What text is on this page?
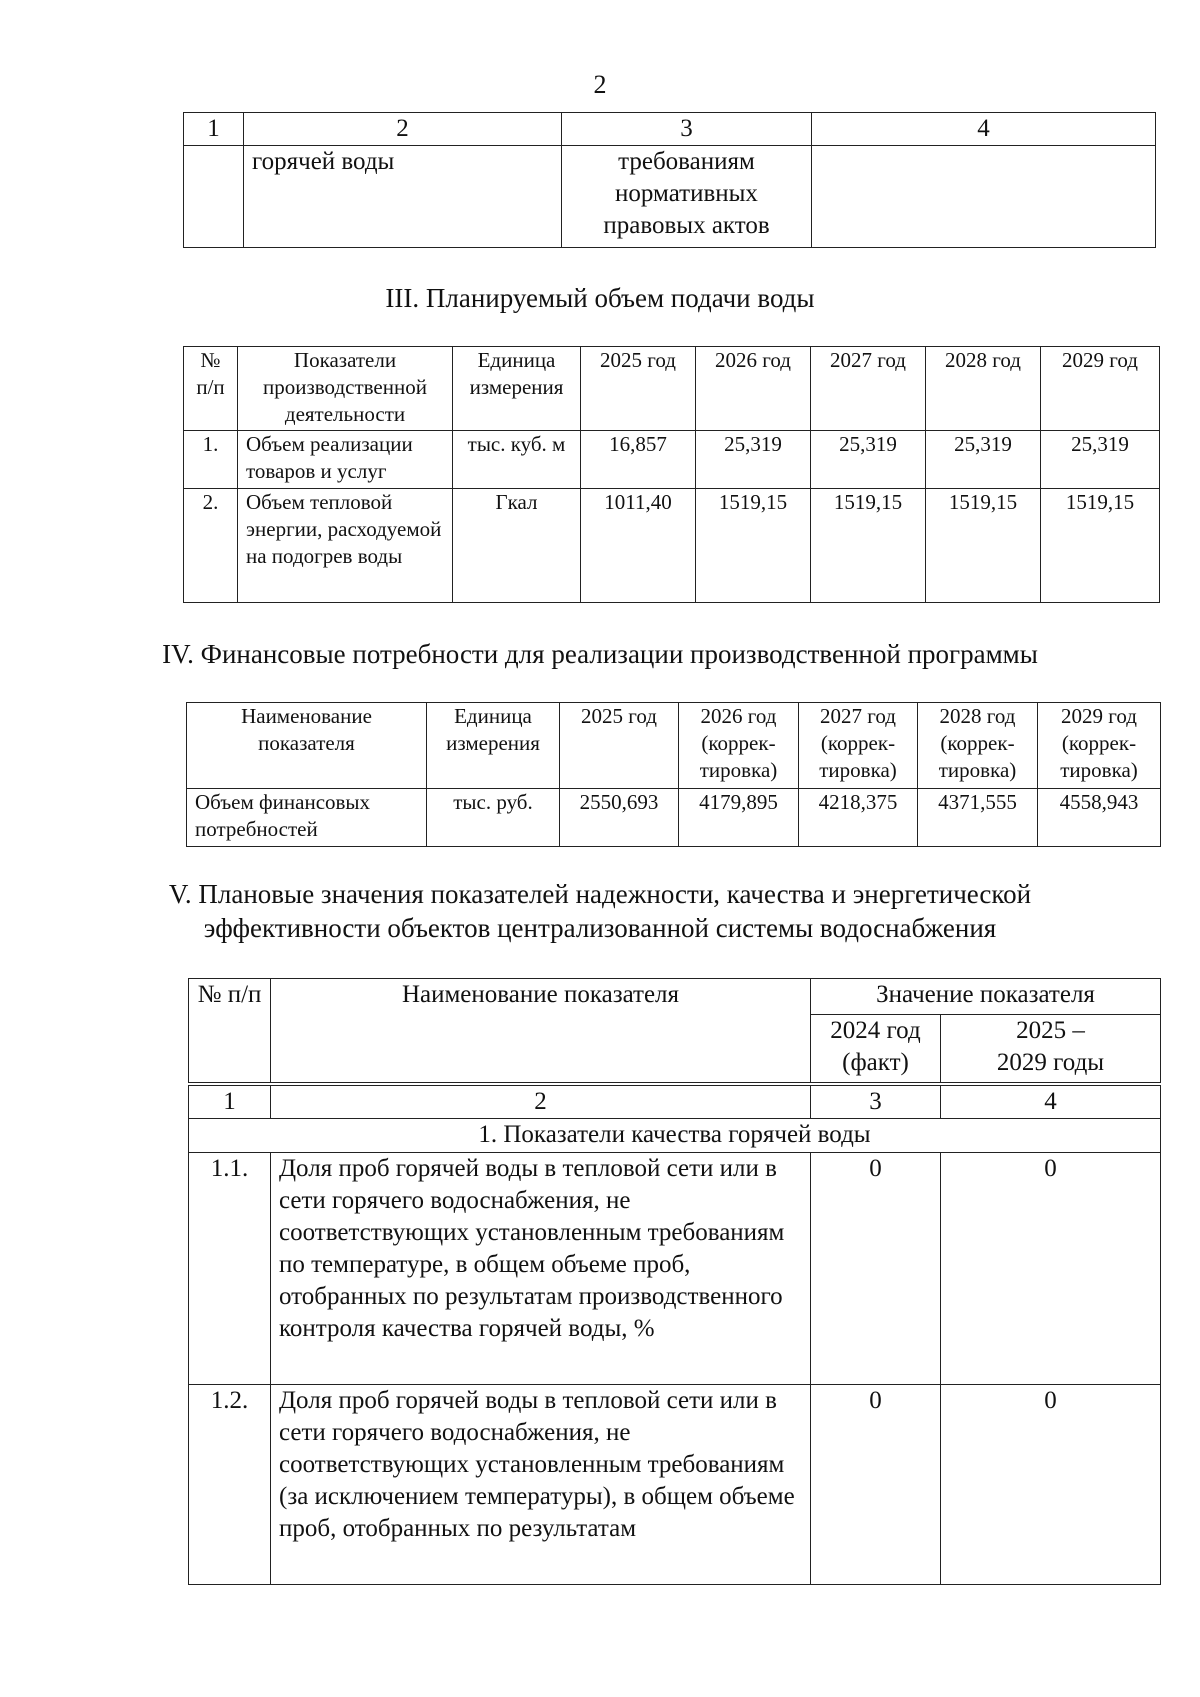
2
1	2	3	4
	горячей воды	требованиям нормативных правовых актов	
III. Планируемый объем подачи воды
№ п/п	Показатели производственной деятельности	Единица измерения	2025 год	2026 год	2027 год	2028 год	2029 год
1.	Объем реализации товаров и услуг	тыс. куб. м	16,857	25,319	25,319	25,319	25,319
2.	Объем тепловой энергии, расходуемой на подогрев воды	Гкал	1011,40	1519,15	1519,15	1519,15	1519,15
IV. Финансовые потребности для реализации производственной программы
Наименование показателя	Единица измерения	2025 год	2026 год (коррек-тировка)	2027 год (коррек-тировка)	2028 год (коррек-тировка)	2029 год (коррек-тировка)
Объем финансовых потребностей	тыс. руб.	2550,693	4179,895	4218,375	4371,555	4558,943
V. Плановые значения показателей надежности, качества и энергетической
эффективности объектов централизованной системы водоснабжения
№ п/п	Наименование показателя	Значение показателя	
		2024 год (факт)	2025 – 2029 годы

1	2	3	4
1. Показатели качества горячей воды			
1.1.	Доля проб горячей воды в тепловой сети или в сети горячего водоснабжения, не соответствующих установленным требованиям по температуре, в общем объеме проб, отобранных по результатам производственного контроля качества горячей воды, %	0	0
1.2.	Доля проб горячей воды в тепловой сети или в сети горячего водоснабжения, не соответствующих установленным требованиям (за исключением температуры), в общем объеме проб, отобранных по результатам	0	0
